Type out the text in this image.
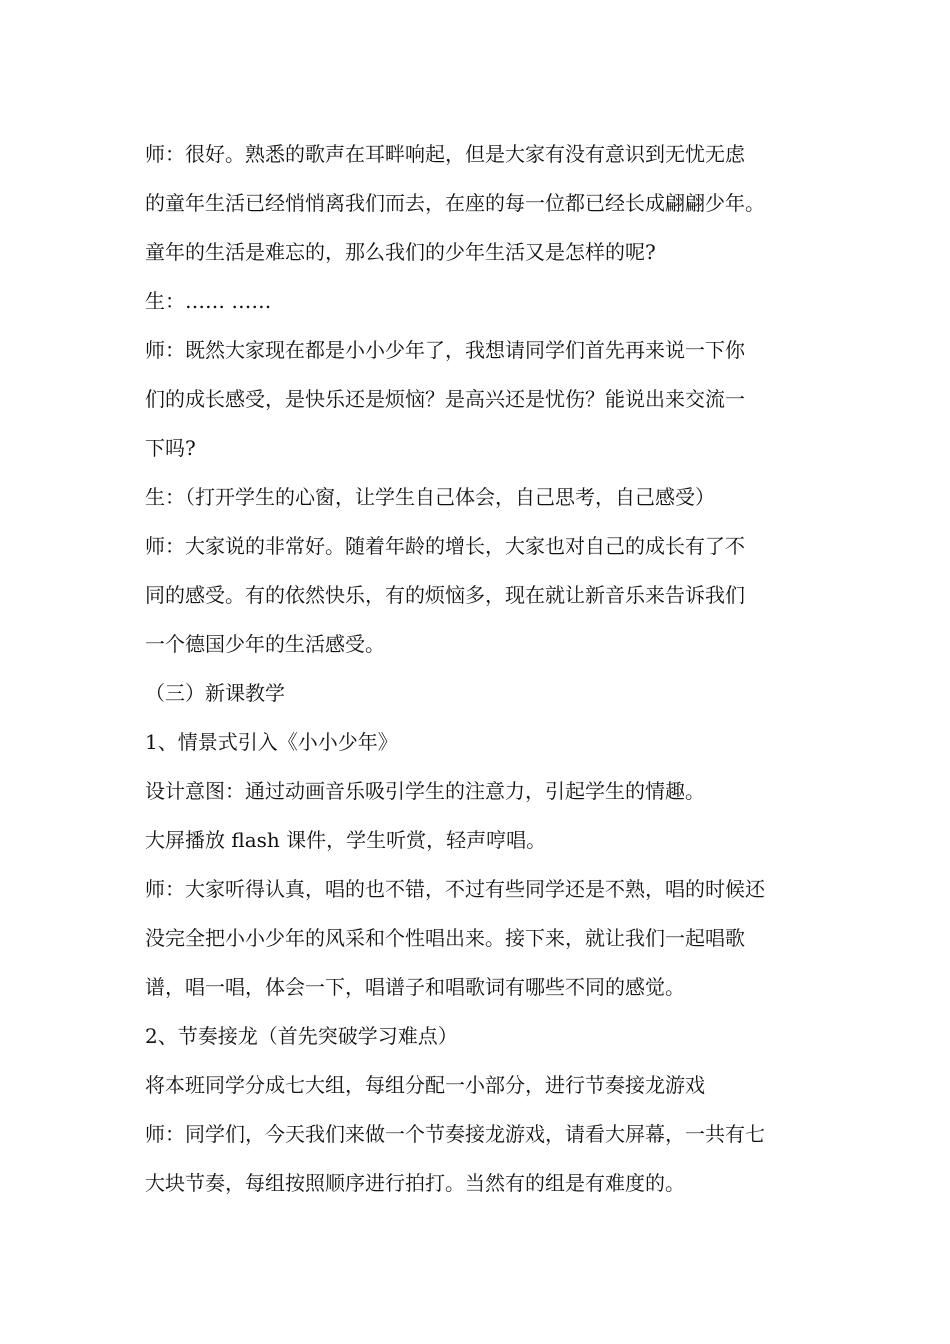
师：很好。熟悉的歌声在耳畔响起，但是大家有没有意识到无忧无虑
的童年生活已经悄悄离我们而去，在座的每一位都已经长成翩翩少年。
童年的生活是难忘的，那么我们的少年生活又是怎样的呢?
生：…… ……
师：既然大家现在都是小小少年了，我想请同学们首先再来说一下你
们的成长感受，是快乐还是烦恼？是高兴还是忧伤？能说出来交流一
下吗?
生：（打开学生的心窗，让学生自己体会，自己思考，自己感受）
师：大家说的非常好。随着年龄的增长，大家也对自己的成长有了不
同的感受。有的依然快乐，有的烦恼多，现在就让新音乐来告诉我们
一个德国少年的生活感受。
（三）新课教学
1、情景式引入《小小少年》
设计意图：通过动画音乐吸引学生的注意力，引起学生的情趣。
大屏播放 flash 课件，学生听赏，轻声哼唱。
师：大家听得认真，唱的也不错，不过有些同学还是不熟，唱的时候还
没完全把小小少年的风采和个性唱出来。接下来，就让我们一起唱歌
谱，唱一唱，体会一下，唱谱子和唱歌词有哪些不同的感觉。
2、节奏接龙（首先突破学习难点）
将本班同学分成七大组，每组分配一小部分，进行节奏接龙游戏
师：同学们，今天我们来做一个节奏接龙游戏，请看大屏幕，一共有七
大块节奏，每组按照顺序进行拍打。当然有的组是有难度的。
